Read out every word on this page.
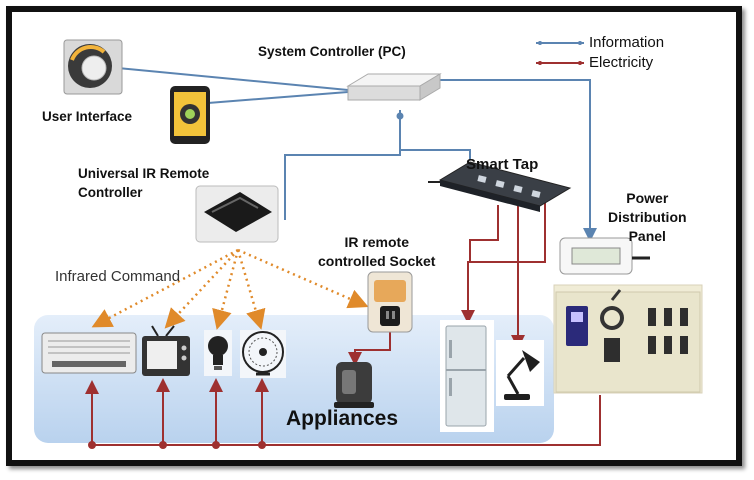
Information
Electricity
System Controller (PC)
User Interface
Universal IR Remote
Controller
Smart Tap
Power
Distribution
Panel
IR remote
controlled Socket
Infrared Command
Appliances
